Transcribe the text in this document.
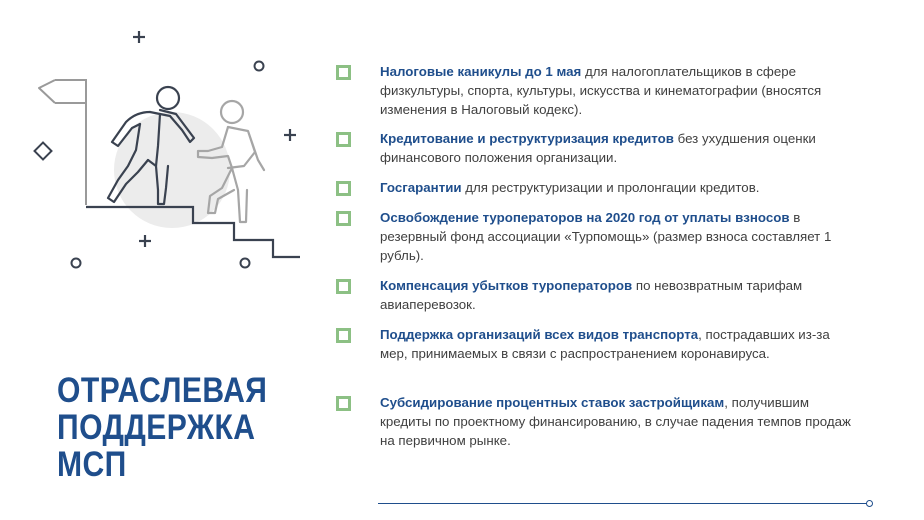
ОТРАСЛЕВАЯ
ПОДДЕРЖКА
МСП
Налоговые каникулы до 1 мая для налогоплательщиков в сфере физкультуры, спорта, культуры, искусства и кинематографии (вносятся изменения в Налоговый кодекс).
Кредитование и реструктуризация кредитов без ухудшения оценки финансового положения организации.
Госгарантии для реструктуризации и пролонгации кредитов.
Освобождение туроператоров на 2020 год от уплаты взносов в резервный фонд ассоциации «Турпомощь» (размер взноса составляет 1 рубль).
Компенсация убытков туроператоров по невозвратным тарифам авиаперевозок.
Поддержка организаций всех видов транспорта, пострадавших из-за мер, принимаемых в связи с распространением коронавируса.
Субсидирование процентных ставок застройщикам, получившим кредиты по проектному финансированию, в случае падения темпов продаж на первичном рынке.
